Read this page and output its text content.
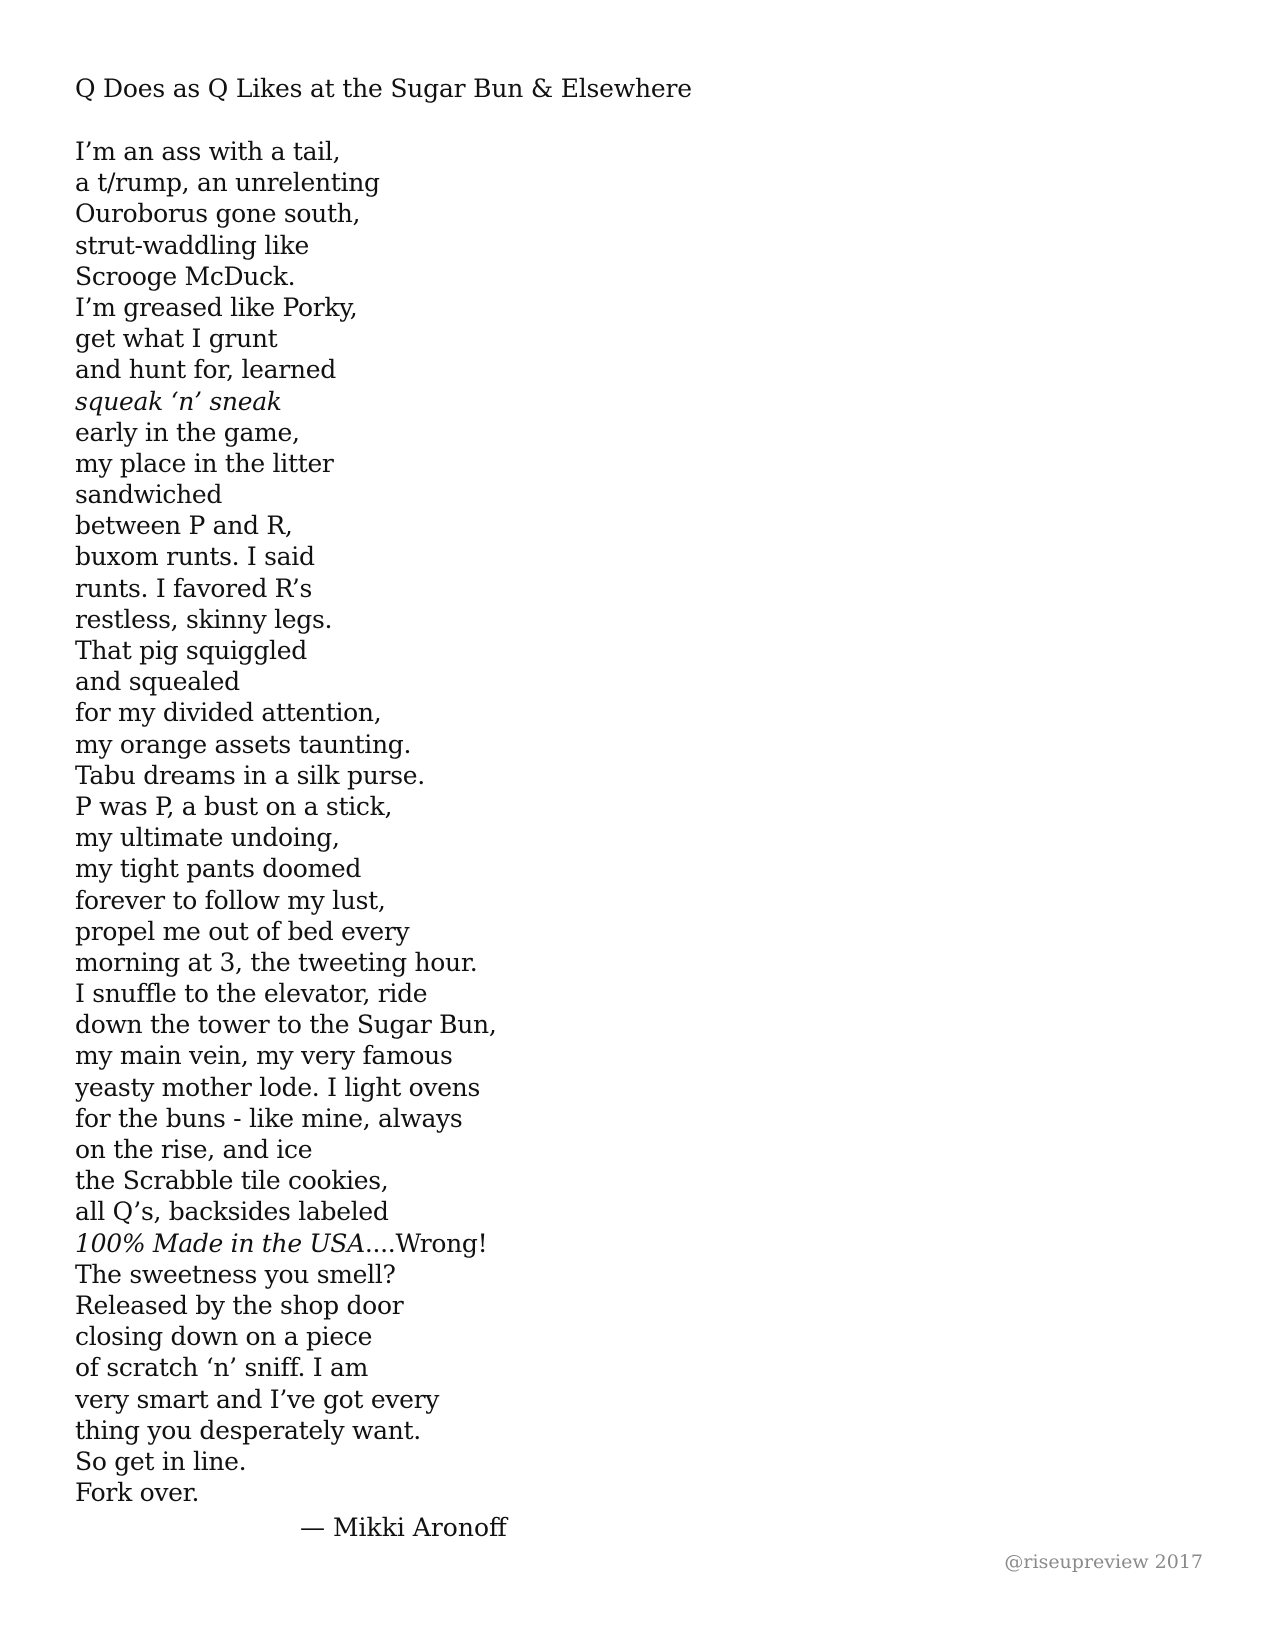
Q Does as Q Likes at the Sugar Bun & Elsewhere
I’m an ass with a tail,
a t/rump, an unrelenting
Ouroborus gone south,
strut-waddling like
Scrooge McDuck.
I’m greased like Porky,
get what I grunt
and hunt for, learned
squeak ‘n’ sneak
early in the game,
my place in the litter
sandwiched
between P and R,
buxom runts. I said
runts. I favored R’s
restless, skinny legs.
That pig squiggled
and squealed
for my divided attention,
my orange assets taunting.
Tabu dreams in a silk purse.
P was P, a bust on a stick,
my ultimate undoing,
my tight pants doomed
forever to follow my lust,
propel me out of bed every
morning at 3, the tweeting hour.
I snuffle to the elevator, ride
down the tower to the Sugar Bun,
my main vein, my very famous
yeasty mother lode. I light ovens
for the buns - like mine, always
on the rise, and ice
the Scrabble tile cookies,
all Q’s, backsides labeled
100% Made in the USA....Wrong!
The sweetness you smell?
Released by the shop door
closing down on a piece
of scratch ‘n’ sniff. I am
very smart and I’ve got every
thing you desperately want.
So get in line.
Fork over.
— Mikki Aronoff
@riseupreview 2017
